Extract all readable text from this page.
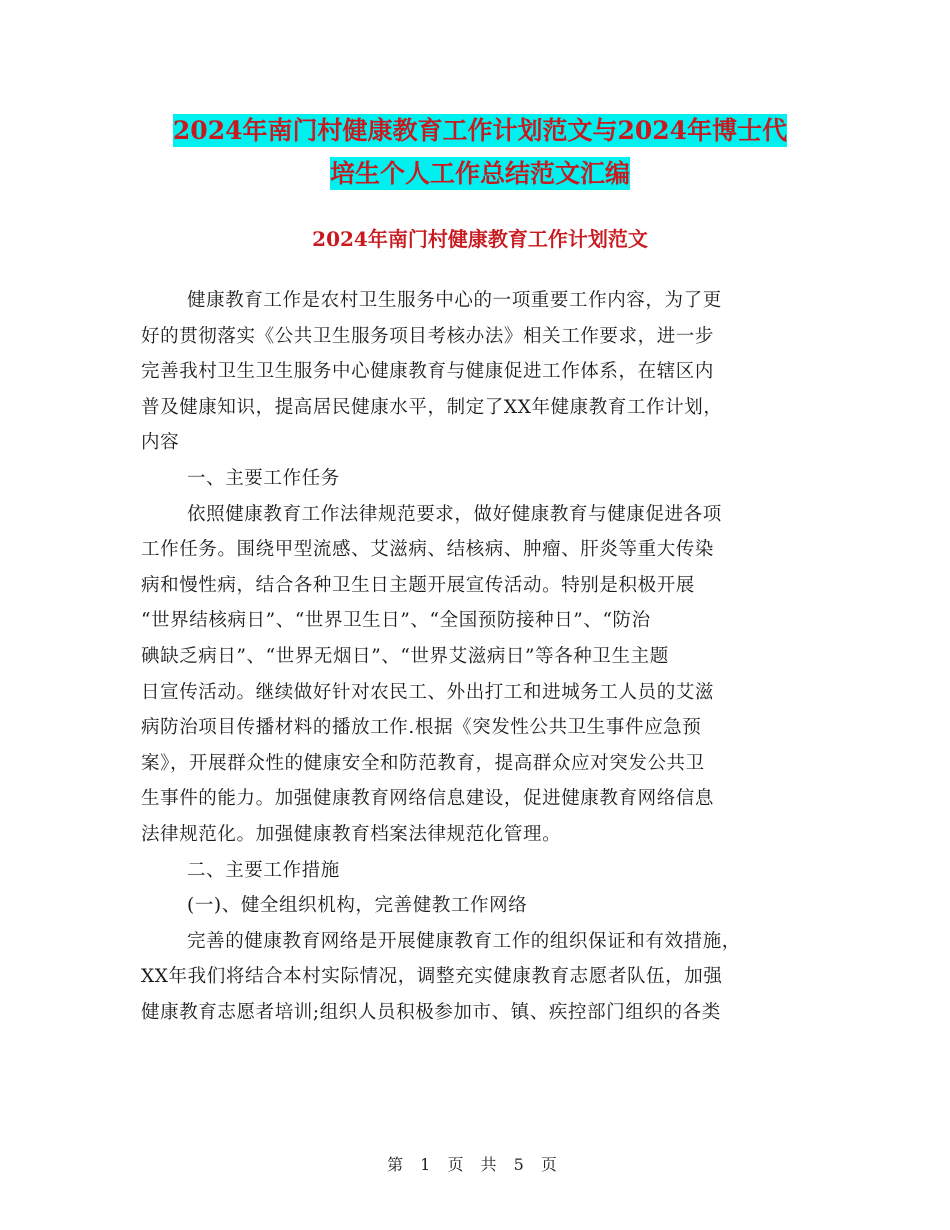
2024年南门村健康教育工作计划范文与2024年博士代
培生个人工作总结范文汇编
2024年南门村健康教育工作计划范文
健康教育工作是农村卫生服务中心的一项重要工作内容，为了更
好的贯彻落实《公共卫生服务项目考核办法》相关工作要求，进一步
完善我村卫生卫生服务中心健康教育与健康促进工作体系，在辖区内
普及健康知识，提高居民健康水平，制定了XX年健康教育工作计划，
内容
一、主要工作任务
依照健康教育工作法律规范要求，做好健康教育与健康促进各项
工作任务。围绕甲型流感、艾滋病、结核病、肿瘤、肝炎等重大传染
病和慢性病，结合各种卫生日主题开展宣传活动。特别是积极开展
“世界结核病日”、“世界卫生日”、“全国预防接种日”、“防治
碘缺乏病日”、“世界无烟日”、“世界艾滋病日”等各种卫生主题
日宣传活动。继续做好针对农民工、外出打工和进城务工人员的艾滋
病防治项目传播材料的播放工作.根据《突发性公共卫生事件应急预
案》，开展群众性的健康安全和防范教育，提高群众应对突发公共卫
生事件的能力。加强健康教育网络信息建设，促进健康教育网络信息
法律规范化。加强健康教育档案法律规范化管理。
二、主要工作措施
(一)、健全组织机构，完善健教工作网络
完善的健康教育网络是开展健康教育工作的组织保证和有效措施，
XX年我们将结合本村实际情况，调整充实健康教育志愿者队伍，加强
健康教育志愿者培训;组织人员积极参加市、镇、疾控部门组织的各类
第 1 页 共 5 页
